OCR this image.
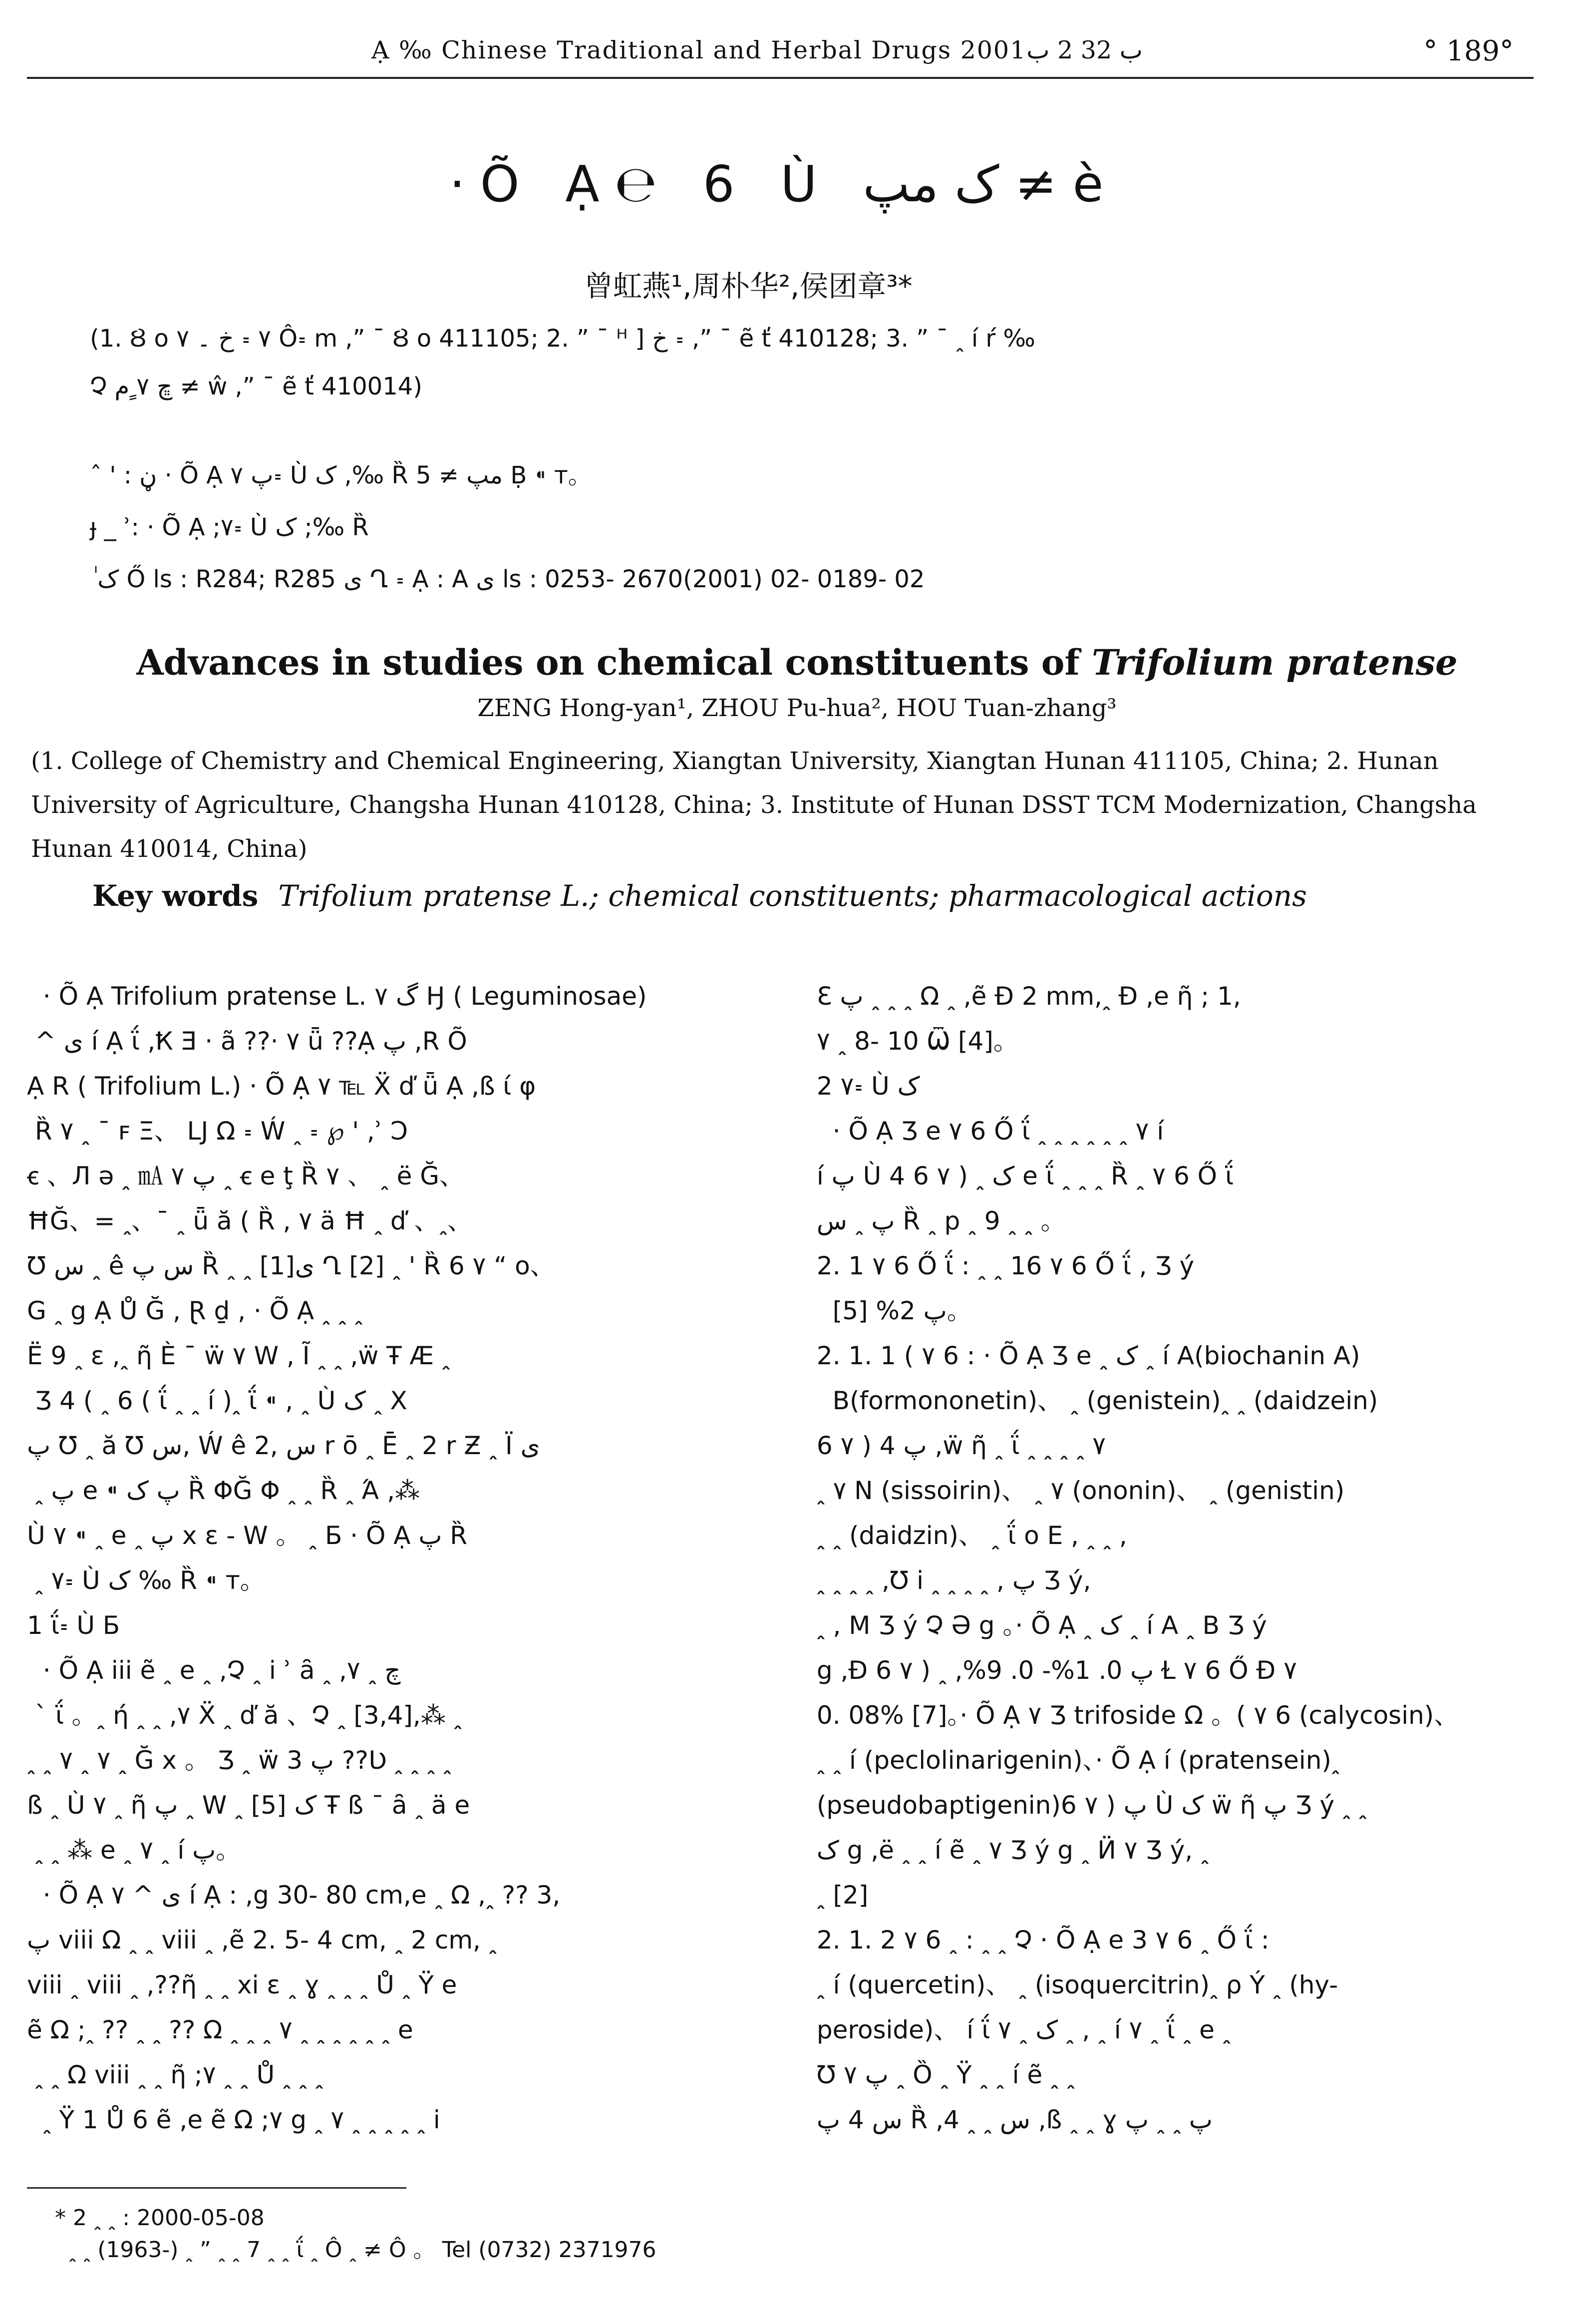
Ạ ‰ Chinese Traditional and Herbal Drugs 2001ب 32 2 ب	° 189°
·Õ Ạ℮ 6 Ù ک مپ ≠ è
曾虹燕¹,周朴华²,侯团章³*
(1. Ȣ o خ ۔ ۷ ꞊ ۷ Ô꞊ m ,” ¯ Ȣ o 411105; 2. ” ¯ ᴴ ] خ ꞊ ,” ¯ ẽ ť 410128; 3. ” ¯ ꞈ í ŕ ‰
Չ ڇ ۷ ٍم ≠ ŵ ,” ¯ ẽ ť 410014)
ˆ ' : ڼ · Õ Ạ ۷ پ꞊ Ù ک ,‰ Ȑ مپ ≠ 5 Ḅ ⁌ т。
ɟ _ ʾ: · Õ Ạ ;۷꞊ Ù ک ;‰ Ȑ
ک Ő ls : R284; R285 ی Ղ ꞊ Ạ : A ی ls : 0253- 2670(2001) 02- 0189- 02
Advances in studies on chemical constituents of Trifolium pratense
ZENG Hong-yan¹, ZHOU Pu-hua², HOU Tuan-zhang³
(1. College of Chemistry and Chemical Engineering, Xiangtan University, Xiangtan Hunan 411105, China; 2. Hunan University of Agriculture, Changsha Hunan 410128, China; 3. Institute of Hunan DSST TCM Modernization, Changsha Hunan 410014, China)
Key words Trifolium pratense L.; chemical constituents; pharmacological actions
· Õ Ạ Trifolium pratense L. ۷ گ Ӈ ( Leguminosae)
^ ی í Ạ ΐ ,Ҟ Ǝ · ã ??· ۷ ǖ ??Ạ پ ,R Õ
Ạ R ( Trifolium L.) · Õ Ạ ۷ ℡ Ẍ ď ǖ Ạ ,ß ί φ
Ȑ ۷ ꞈ ¯ ꜰ Ξ、 LJ Ω ꞊ Ẃ ꞈ ꞊ ℘ ' ,ʾ Ɔ
ꞓ 、Л ə ꞈ ㎃ ۷ پ ꞈ ꞓ e ţ Ȑ ۷ 、 ꞈ ë Ğ、
ĦĞ、= ꞈ、¯ ꞈ ǖ ă ( Ȑ , ۷ ä Ħ ꞈ ď 、ꞈ、
Ʊ س ꞈ ê س پ Ȑ ꞈ ꞈ [1]ی Ղ [2] ꞈ ' Ȑ 6 ۷ “ o、
G ꞈ g Ạ Ů Ğ , Ɽ ḏ , · Õ Ạ ꞈ ꞈ ꞈ
Ë 9 ꞈ ɛ ,ꞈ ῆ È ¯ ẅ ۷ W , Ĩ ꞈ ꞈ ,ẅ Ŧ Æ ꞈ
Ʒ 4 ( ꞈ 6 ( ΐ ꞈ ꞈ í )ꞈ ΐ ⁌ , ꞈ Ù ک ꞈ X
پ Ʊ ꞈ ă Ʊ س, Ẃ ê س ,2 r ō ꞈ Ē ꞈ 2 r Ƶ ꞈ Ϊ ی
ꞈ پ e ⁌ پ ک Ȑ ΦĞ Φ ꞈ ꞈ Ȑ ꞈ Ά ,⁂
Ù ۷ ⁌ ꞈ e ꞈ پ x ɛ - W 。 ꞈ Б · Õ Ạ پ Ȑ
ꞈ ۷꞊ Ù ک ‰ Ȑ ⁌ т。
1 ΐ꞊ Ù Б
· Õ Ạ iii ẽ ꞈ e ꞈ ,Չ ꞈ i ʾ ȃ ꞈ ,۷ ꞈ چ
` ΐ 。ꞈ ή ꞈ ꞈ ,۷ Ẍ ꞈ ď ă 、Չ ꞈ [3,4],⁂ ꞈ
ꞈ ꞈ ۷ ꞈ ۷ ꞈ Ğ x 。 Ʒ ꞈ ẅ پ 3 ??Ʋ ꞈ ꞈ ꞈ ꞈ
ß ꞈ Ù ۷ ꞈ ῆ پ ꞈ W ꞈ ک [5] Ŧ ß ¯ ȃ ꞈ ä e
ꞈ ꞈ ⁂ e ꞈ ۷ ꞈ í پ。
· Õ Ạ ۷ ^ ی í Ạ : ,g 30- 80 cm,e ꞈ Ω ,ꞈ ?? 3,
پ viii Ω ꞈ ꞈ viii ꞈ ,ẽ 2. 5- 4 cm, ꞈ 2 cm, ꞈ
viii ꞈ viii ꞈ ,??ῆ ꞈ ꞈ xi ɛ ꞈ ɣ ꞈ ꞈ ꞈ Ů ꞈ Ÿ e
ẽ Ω ;ꞈ ?? ꞈ ꞈ ?? Ω ꞈ ꞈ ꞈ ۷ ꞈ ꞈ ꞈ ꞈ ꞈ ꞈ e
ꞈ ꞈ Ω viii ꞈ ꞈ ῆ ;۷ ꞈ ꞈ Ů ꞈ ꞈ ꞈ
ꞈ Ÿ 1 Ů 6 ẽ ,e ẽ Ω ;۷ g ꞈ ۷ ꞈ ꞈ ꞈ ꞈ ꞈ i
Ɛ پ ꞈ ꞈ ꞈ Ω ꞈ ,ẽ Đ 2 mm,ꞈ Ɖ ,e ῆ ; 1,
۷ ꞈ 8- 10 Ѿ [4]。
2 ۷꞊ Ù ک
· Õ Ạ Ʒ e ۷ 6 Ő ΐ ꞈ ꞈ ꞈ ꞈ ꞈ ꞈ ۷ í
í پ Ù ک ꞈ ( ۷ 6 4 e ΐ ꞈ ꞈ ꞈ Ȑ ꞈ ۷ 6 Ő ΐ
پ ꞈ س Ȑ ꞈ p ꞈ 9 ꞈ ꞈ 。
2. 1 ۷ 6 Ő ΐ : ꞈ ꞈ 16 ۷ 6 Ő ΐ , Ʒ ý
پ 2% [5]。
2. 1. 1 ( ۷ 6 : · Õ Ạ Ʒ e ꞈ ک ꞈ í A(biochanin A)
B(formononetin)、 ꞈ (genistein)ꞈ ꞈ (daidzein)
پ 4 ( ۷ 6 ,ẅ ῆ ꞈ ΐ ꞈ ꞈ ꞈ ꞈ ۷
ꞈ ۷ N (sissoirin)、 ꞈ ۷ (ononin)、 ꞈ (genistin)
ꞈ ꞈ (daidzin)、 ꞈ ΐ o E , ꞈ ꞈ ,
ꞈ ꞈ ꞈ ꞈ ,Ʊ i ꞈ ꞈ ꞈ ꞈ , پ Ʒ ý,
ꞈ , M Ʒ ý Չ Ə g 。· Õ Ạ ꞈ ک ꞈ í A ꞈ B Ʒ ý
g ,Đ پ 0. 1%- 0. 9%, ꞈ ( ۷ 6 Ɫ ۷ 6 Ő Đ ۷
0. 08% [7]。· Õ Ạ ۷ Ʒ trifoside Ω 。( ۷ 6 (calycosin)、
ꞈ ꞈ í (peclolinarigenin)、· Õ Ạ í (pratensein)ꞈ
(pseudobaptigenin)پ ( ۷ 6 Ù ک ẅ ῆ پ Ʒ ý ꞈ ꞈ
ک g ,ë ꞈ ꞈ í ẽ ꞈ ۷ Ʒ ý g ꞈ Ӥ ۷ Ʒ ý, ꞈ
ꞈ [2]
2. 1. 2 ۷ 6 ꞈ : ꞈ ꞈ Չ · Õ Ạ e 3 ۷ 6 ꞈ Ő ΐ :
ꞈ í (quercetin)、 ꞈ (isoquercitrin)ꞈ ρ Ý ꞈ (hy-
peroside)、 í ΐ ۷ ꞈ ک ꞈ , ꞈ í ۷ ꞈ ΐ ꞈ e ꞈ
Ʊ ۷ پ ꞈ Ȍ ꞈ Ÿ ꞈ ꞈ í ẽ ꞈ ꞈ
س 4 پ Ȑ ,4 ꞈ ꞈ س ,ß ꞈ ꞈ ɣ پ ꞈ ꞈ پ
* 2 ꞈ ꞈ : 2000-05-08
ꞈ ꞈ (1963-) ꞈ ” ꞈ ꞈ 7 ꞈ ꞈ ΐ ꞈ Ô ꞈ ≠ Ô 。 Tel (0732) 2371976
